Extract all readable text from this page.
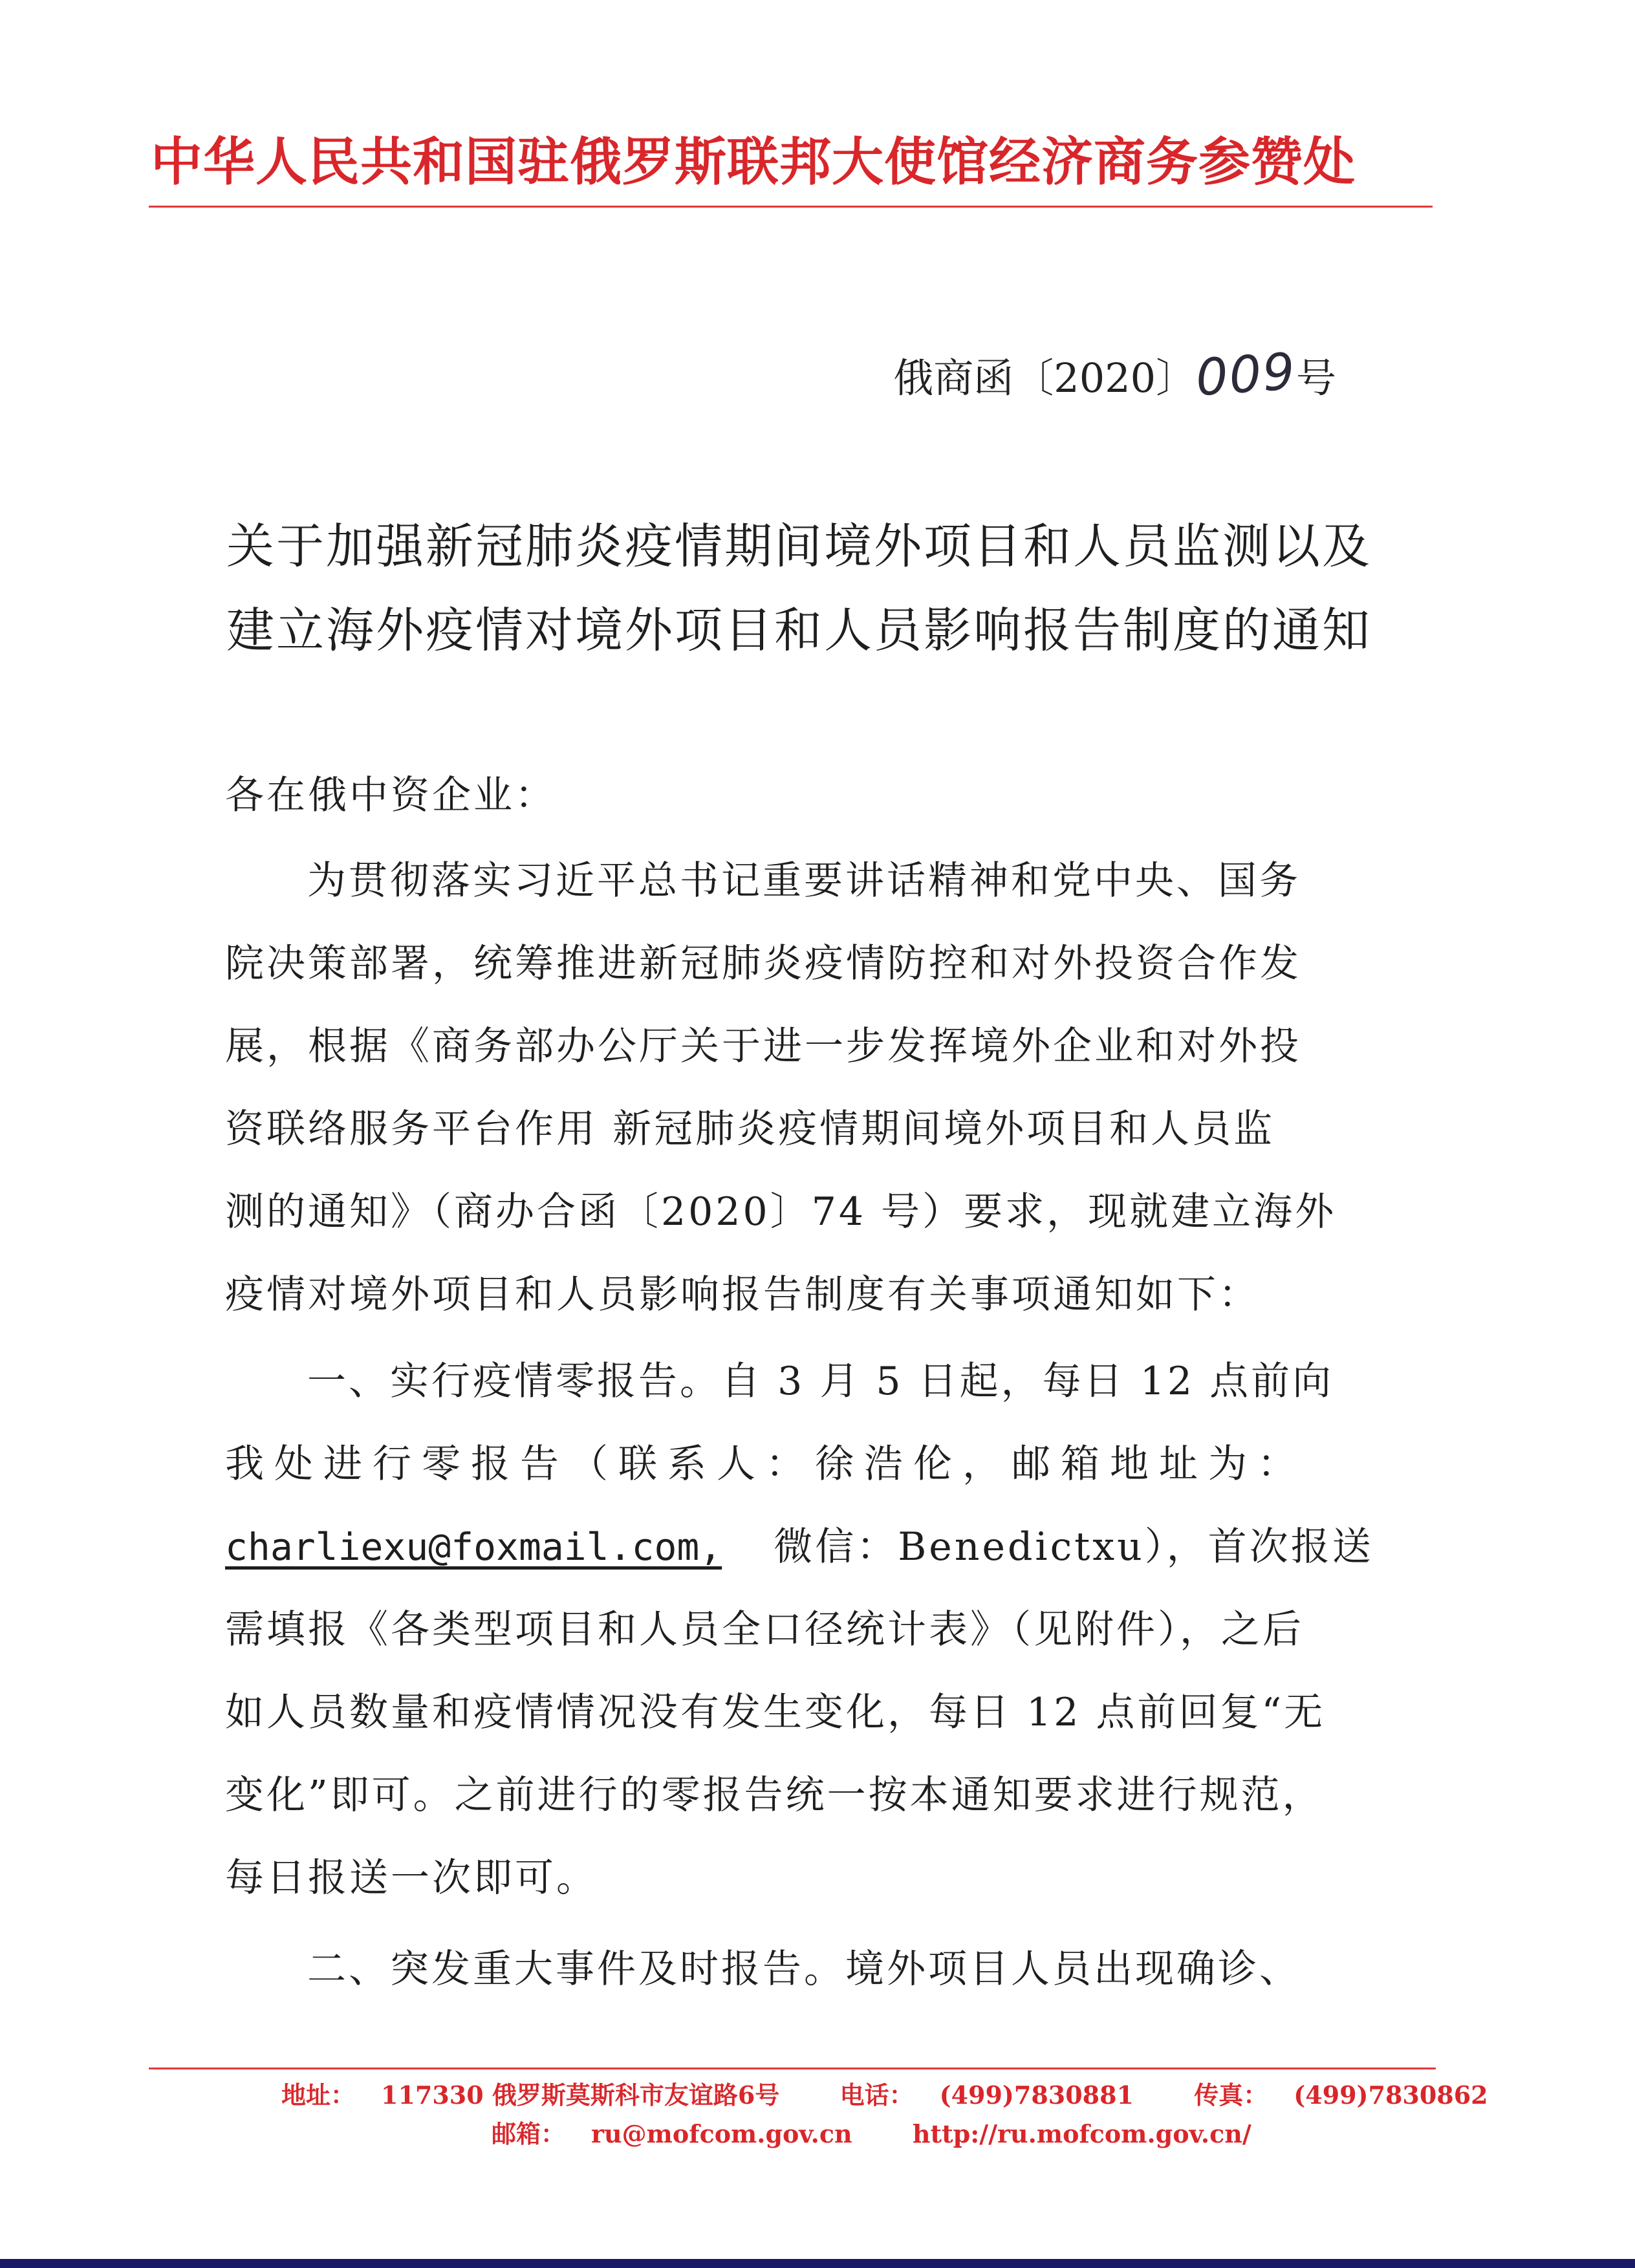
中华人民共和国驻俄罗斯联邦大使馆经济商务参赞处
俄商函〔2020〕009号
关于加强新冠肺炎疫情期间境外项目和人员监测以及
建立海外疫情对境外项目和人员影响报告制度的通知
各在俄中资企业：
为贯彻落实习近平总书记重要讲话精神和党中央、国务
院决策部署，统筹推进新冠肺炎疫情防控和对外投资合作发
展，根据《商务部办公厅关于进一步发挥境外企业和对外投
资联络服务平台作用 新冠肺炎疫情期间境外项目和人员监
测的通知》（商办合函〔2020〕74 号）要求，现就建立海外
疫情对境外项目和人员影响报告制度有关事项通知如下：
一、实行疫情零报告。自 3 月 5 日起，每日 12 点前向
我处进行零报告（联系人：徐浩伦，邮箱地址为：
charliexu@foxmail.com, 微信：Benedictxu），首次报送
需填报《各类型项目和人员全口径统计表》（见附件），之后
如人员数量和疫情情况没有发生变化，每日 12 点前回复“无
变化”即可。之前进行的零报告统一按本通知要求进行规范，
每日报送一次即可。
二、突发重大事件及时报告。境外项目人员出现确诊、
地址： 117330 俄罗斯莫斯科市友谊路6号 电话： (499)7830881 传真： (499)7830862
邮箱： ru@mofcom.gov.cn http://ru.mofcom.gov.cn/
